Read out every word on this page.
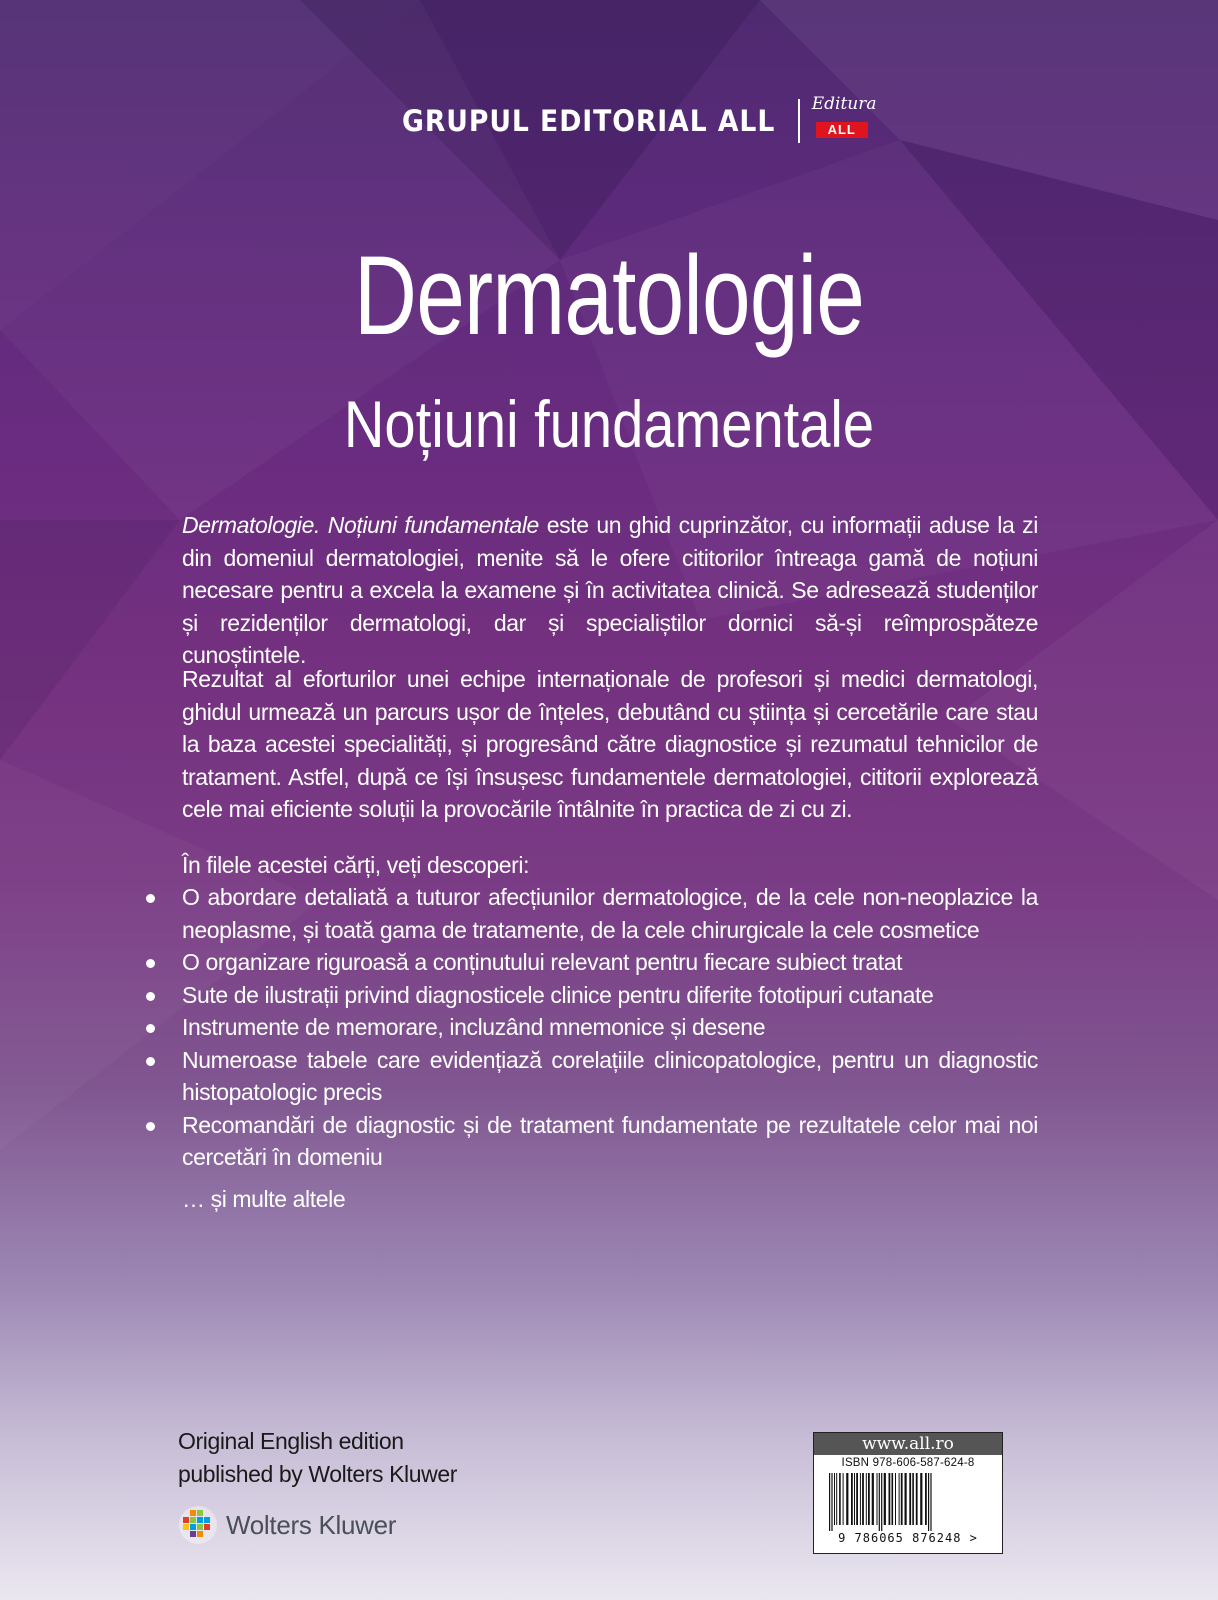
GRUPUL EDITORIAL ALL Editura
ALL
Dermatologie
Noțiuni fundamentale

Dermatologie. Noțiuni fundamentale este un ghid cuprinzător, cu informații aduse la zi din domeniul dermatologiei, menite să le ofere cititorilor întreaga gamă de noțiuni necesare pentru a excela la examene și în activitatea clinică. Se adresează studenților și rezidenților dermatologi, dar și specialiștilor dornici să-și reîmprospăteze cunoștintele.

Rezultat al eforturilor unei echipe internaționale de profesori și medici dermatologi, ghidul urmează un parcurs ușor de înțeles, debutând cu știința și cercetările care stau la baza acestei specialități, și progresând către diagnostice și rezumatul tehnicilor de tratament. Astfel, după ce își însușesc fundamentele dermatologiei, cititorii explorează cele mai eficiente soluții la provocările întâlnite în practica de zi cu zi.

În filele acestei cărți, veți descoperi:
O abordare detaliată a tuturor afecțiunilor dermatologice, de la cele non-neoplazice la neoplasme, și toată gama de tratamente, de la cele chirurgicale la cele cosmetice
O organizare riguroasă a conținutului relevant pentru fiecare subiect tratat
Sute de ilustrații privind diagnosticele clinice pentru diferite fototipuri cutanate
Instrumente de memorare, incluzând mnemonice și desene
Numeroase tabele care evidențiază corelațiile clinicopatologice, pentru un diagnostic histopatologic precis
Recomandări de diagnostic și de tratament fundamentate pe rezultatele celor mai noi cercetări în domeniu
… și multe altele
Original English edition
published by Wolters Kluwer
Wolters Kluwer
www.all.ro
ISBN 978-606-587-624-8
9 786065 876248 >
